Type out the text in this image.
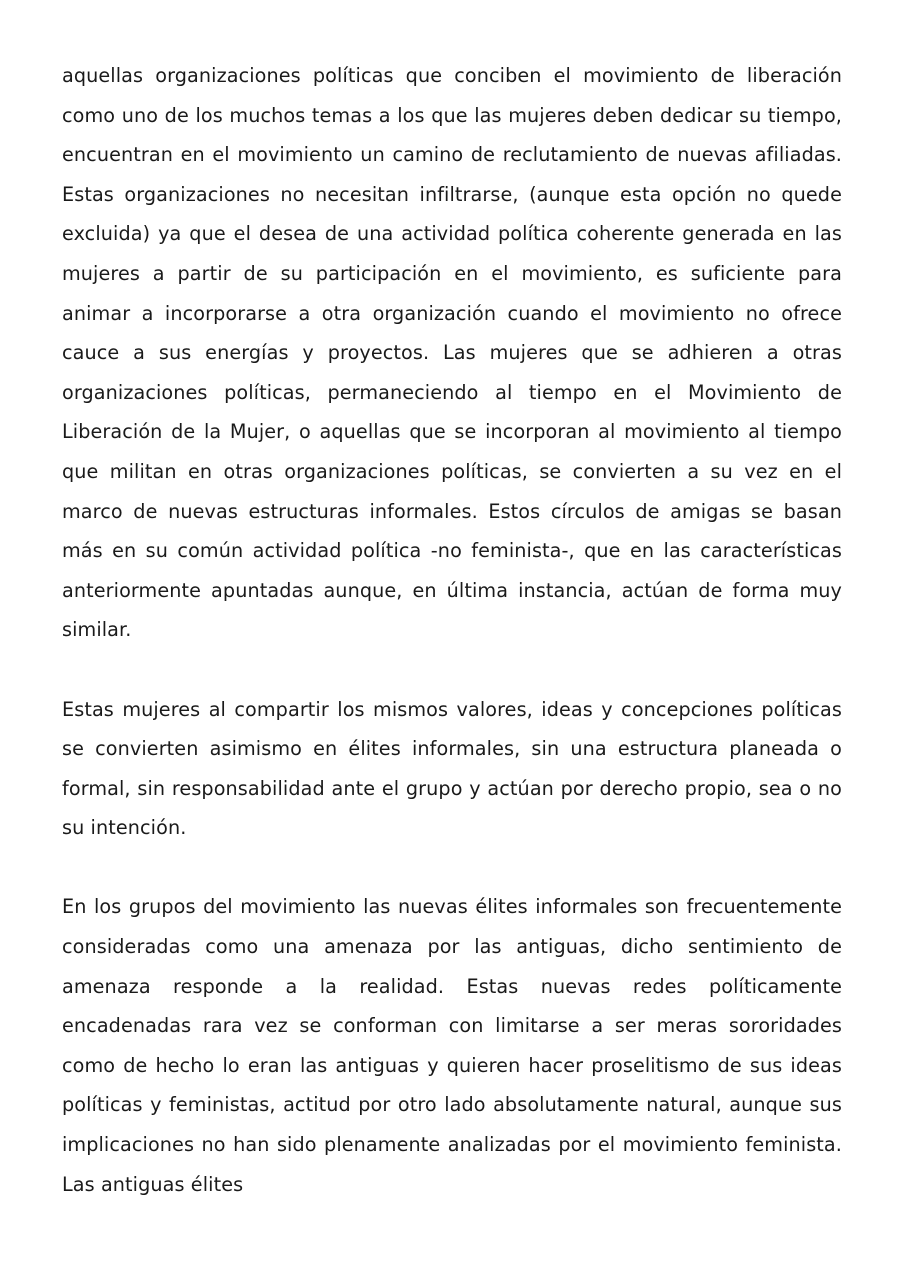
aquellas organizaciones políticas que conciben el movimiento de liberación como uno de los muchos temas a los que las mujeres deben dedicar su tiempo, encuentran en el movimiento un camino de reclutamiento de nuevas afiliadas. Estas organizaciones no necesitan infiltrarse, (aunque esta opción no quede excluida) ya que el desea de una actividad política coherente generada en las mujeres a partir de su participación en el movimiento, es suficiente para animar a incorporarse a otra organización cuando el movimiento no ofrece cauce a sus energías y proyectos. Las mujeres que se adhieren a otras organizaciones políticas, permaneciendo al tiempo en el Movimiento de Liberación de la Mujer, o aquellas que se incorporan al movimiento al tiempo que militan en otras organizaciones políticas, se convierten a su vez en el marco de nuevas estructuras informales. Estos círculos de amigas se basan más en su común actividad política -no feminista-, que en las características anteriormente apuntadas aunque, en última instancia, actúan de forma muy similar.

Estas mujeres al compartir los mismos valores, ideas y concepciones políticas se convierten asimismo en élites informales, sin una estructura planeada o formal, sin responsabilidad ante el grupo y actúan por derecho propio, sea o no su intención.

En los grupos del movimiento las nuevas élites informales son frecuentemente consideradas como una amenaza por las antiguas, dicho sentimiento de amenaza responde a la realidad. Estas nuevas redes políticamente encadenadas rara vez se conforman con limitarse a ser meras sororidades como de hecho lo eran las antiguas y quieren hacer proselitismo de sus ideas políticas y feministas, actitud por otro lado absolutamente natural, aunque sus implicaciones no han sido plenamente analizadas por el movimiento feminista. Las antiguas élites
